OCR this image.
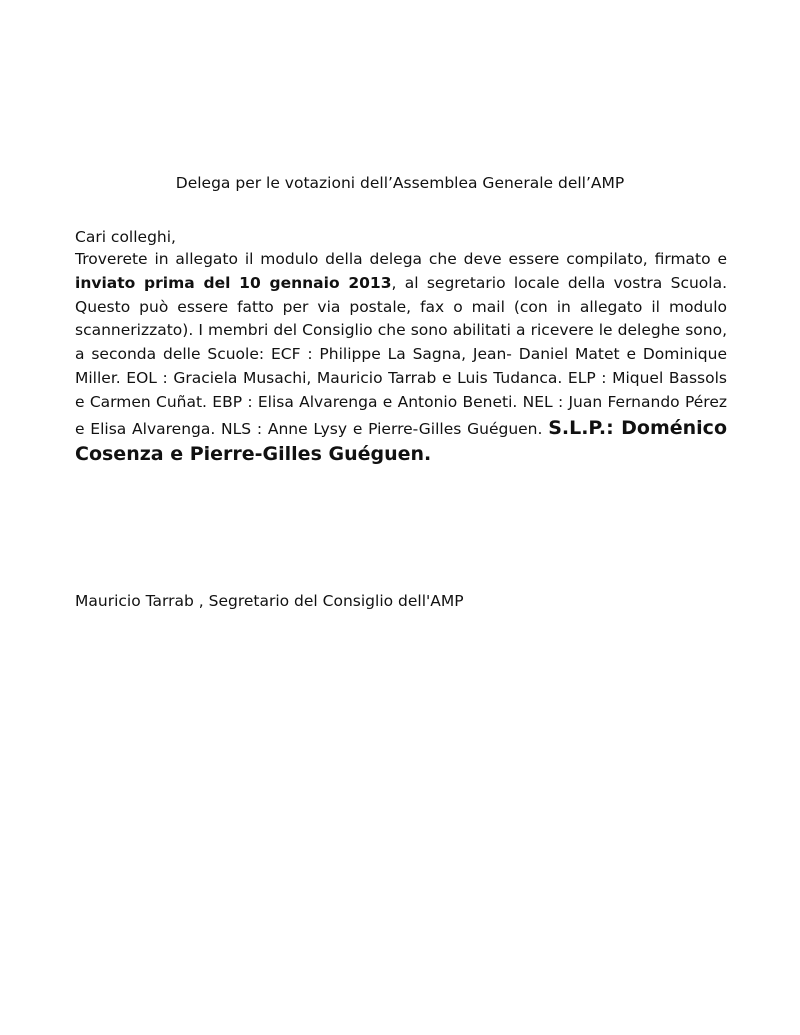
Delega per le votazioni dell’Assemblea Generale dell’AMP
Cari colleghi,
Troverete in allegato il modulo della delega che deve essere compilato, firmato e inviato prima del 10 gennaio 2013, al segretario locale della vostra Scuola. Questo può essere fatto per via postale, fax o mail (con in allegato il modulo scannerizzato). I membri del Consiglio che sono abilitati a ricevere le deleghe sono, a seconda delle Scuole: ECF : Philippe La Sagna, Jean- Daniel Matet e Dominique Miller. EOL : Graciela Musachi, Mauricio Tarrab e Luis Tudanca. ELP : Miquel Bassols e Carmen Cuñat. EBP : Elisa Alvarenga e Antonio Beneti. NEL : Juan Fernando Pérez e Elisa Alvarenga. NLS : Anne Lysy e Pierre-Gilles Guéguen. S.L.P.: Doménico Cosenza e Pierre-Gilles Guéguen.
Mauricio Tarrab , Segretario del Consiglio dell'AMP
